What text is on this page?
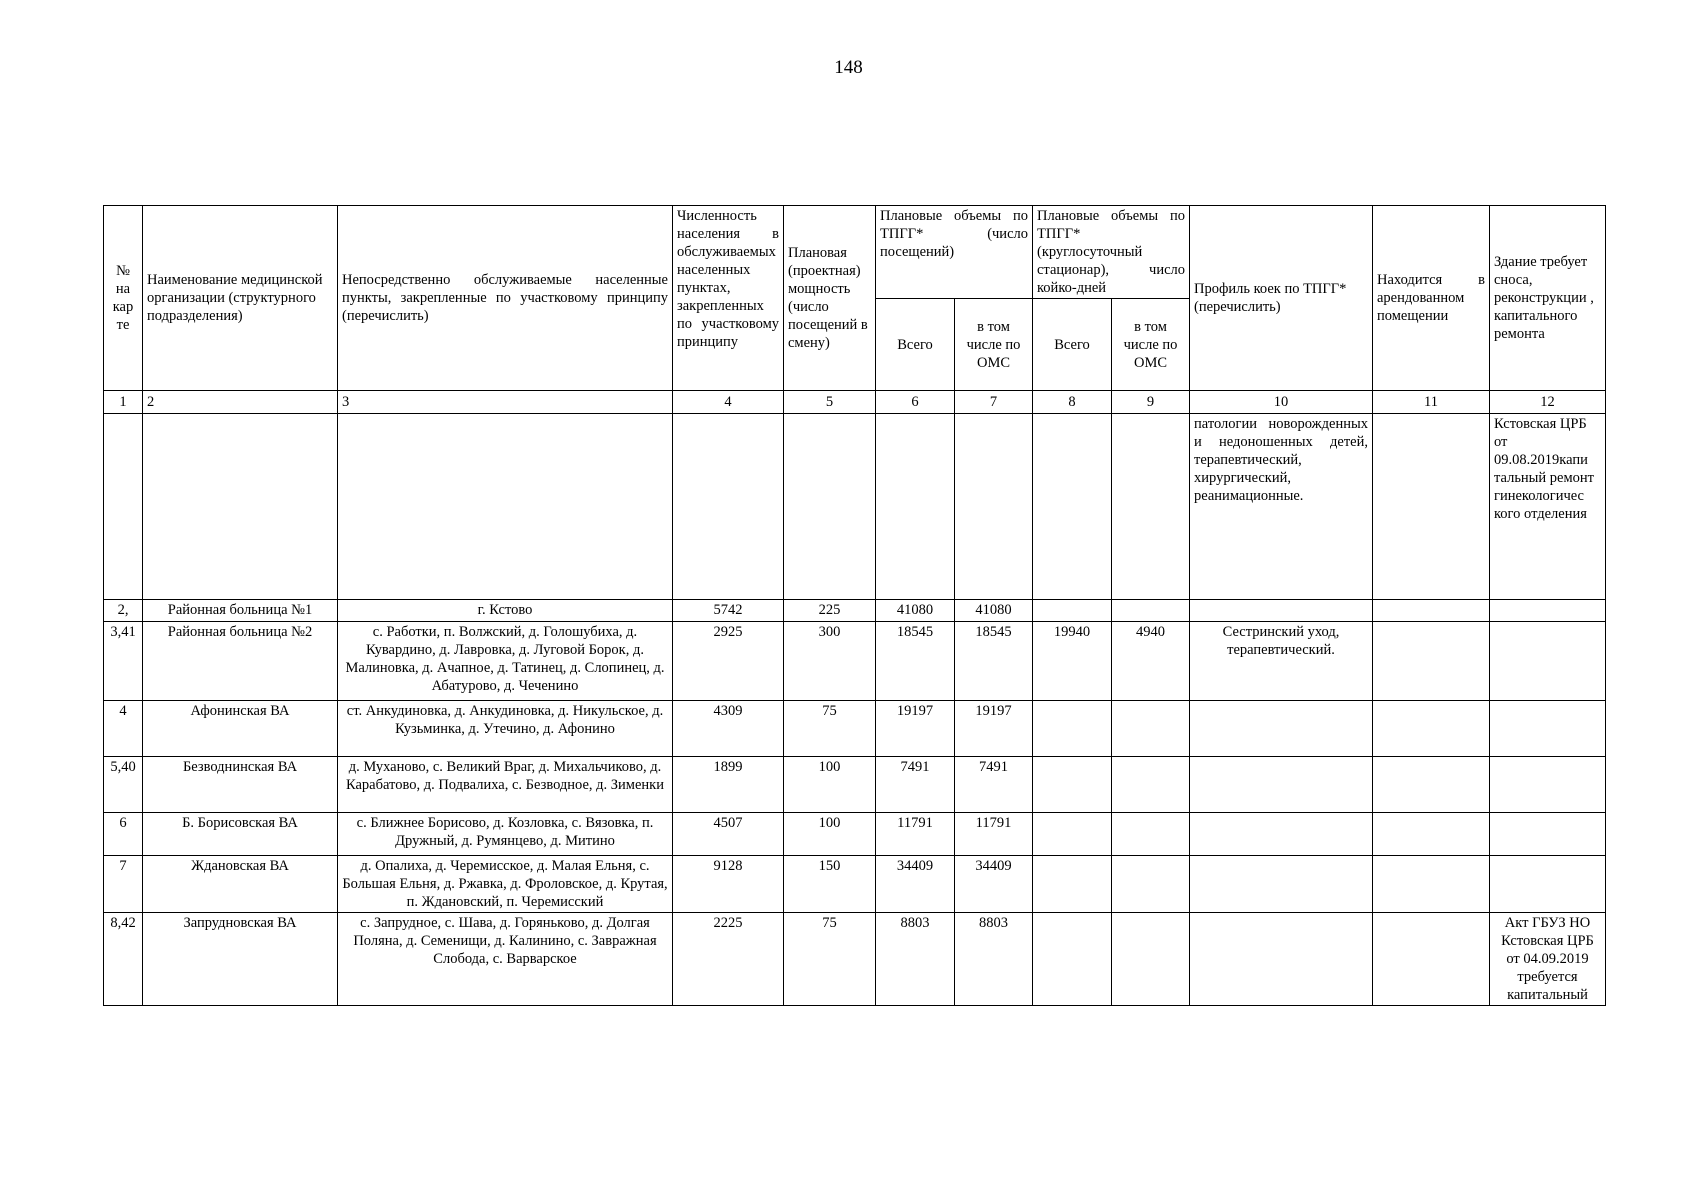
148
№
на
кар
те	Наименование медицинской организации (структурного подразделения)	Непосредственно обслуживаемые населенные пункты, закрепленные по участковому принципу (перечислить)	Численность населения в обслуживаемых населенных пунктах, закрепленных по участковому принципу	Плановая (проектная) мощность (число посещений в смену)	Плановые объемы по ТПГГ* (число посещений)		Плановые объемы по ТПГГ* (круглосуточный стационар), число койко-дней		Профиль коек по ТПГГ* (перечислить)	Находится в арендованном помещении	Здание требует сноса, реконструкции , капитального ремонта
					Всего	в том числе по ОМС	Всего	в том числе по ОМС			
1	2	3	4	5	6	7	8	9	10	11	12
									патологии новорожденных и недоношенных детей, терапевтический, хирургический, реанимационные.		Кстовская ЦРБ от 09.08.2019капи тальный ремонт гинекологичес кого отделения
2,	Районная больница №1	г. Кстово	5742	225	41080	41080					
3,41	Районная больница №2	с. Работки, п. Волжский, д. Голошубиха, д. Кувардино, д. Лавровка, д. Луговой Борок, д. Малиновка, д. Ачапное, д. Татинец, д. Слопинец, д. Абатурово, д. Чеченино	2925	300	18545	18545	19940	4940	Сестринский уход, терапевтический.		
4	Афонинская ВА	ст. Анкудиновка, д. Анкудиновка, д. Никульское, д. Кузьминка, д. Утечино, д. Афонино	4309	75	19197	19197					
5,40	Безводнинская ВА	д. Муханово, с. Великий Враг, д. Михальчиково, д. Карабатово, д. Подвалиха, с. Безводное, д. Зименки	1899	100	7491	7491					
6	Б. Борисовская ВА	с. Ближнее Борисово, д. Козловка, с. Вязовка, п. Дружный, д. Румянцево, д. Митино	4507	100	11791	11791					
7	Ждановская ВА	д. Опалиха, д. Черемисское, д. Малая Ельня, с. Большая Ельня, д. Ржавка, д. Фроловское, д. Крутая, п. Ждановский, п. Черемисский	9128	150	34409	34409					
8,42	Запрудновская ВА	с. Запрудное, с. Шава, д. Горяньково, д. Долгая Поляна, д. Семенищи, д. Калинино, с. Завражная Слобода, с. Варварское	2225	75	8803	8803					Акт ГБУЗ НО Кстовская ЦРБ от 04.09.2019 требуется капитальный
